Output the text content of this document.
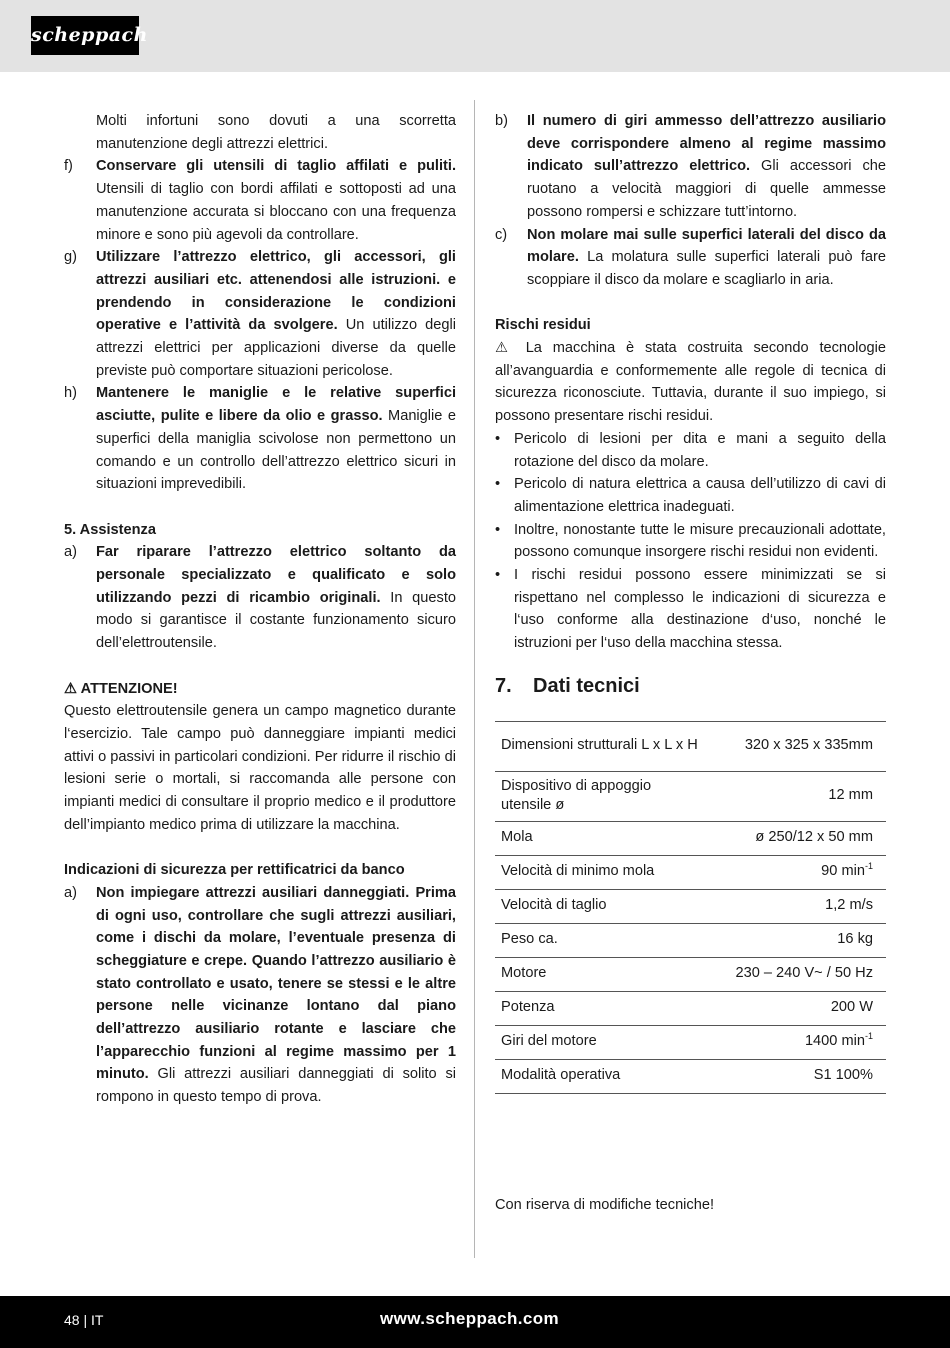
scheppach
Molti infortuni sono dovuti a una scorretta manutenzione degli attrezzi elettrici.
f)	Conservare gli utensili di taglio affilati e puliti. Utensili di taglio con bordi affilati e sottoposti ad una manutenzione accurata si bloccano con una frequenza minore e sono più agevoli da controllare.
g)	Utilizzare l’attrezzo elettrico, gli accessori, gli attrezzi ausiliari etc. attenendosi alle istruzioni. e prendendo in considerazione le condizioni operative e l’attività da svolgere. Un utilizzo degli attrezzi elettrici per applicazioni diverse da quelle previste può comportare situazioni pericolose.
h)	Mantenere le maniglie e le relative superfici asciutte, pulite e libere da olio e grasso. Maniglie e superfici della maniglia scivolose non permettono un comando e un controllo dell’attrezzo elettrico sicuri in situazioni imprevedibili.
5. Assistenza
a)	Far riparare l’attrezzo elettrico soltanto da personale specializzato e qualificato e solo utilizzando pezzi di ricambio originali. In questo modo si garantisce il costante funzionamento sicuro dell’elettroutensile.
⚠ ATTENZIONE!
Questo elettroutensile genera un campo magnetico durante l‘esercizio. Tale campo può danneggiare impianti medici attivi o passivi in particolari condizioni. Per ridurre il rischio di lesioni serie o mortali, si raccomanda alle persone con impianti medici di consultare il proprio medico e il produttore dell’impianto medico prima di utilizzare la macchina.
Indicazioni di sicurezza per rettificatrici da banco
a)	Non impiegare attrezzi ausiliari danneggiati. Prima di ogni uso, controllare che sugli attrezzi ausiliari, come i dischi da molare, l’eventuale presenza di scheggiature e crepe. Quando l’attrezzo ausiliario è stato controllato e usato, tenere se stessi e le altre persone nelle vicinanze lontano dal piano dell’attrezzo ausiliario rotante e lasciare che l’apparecchio funzioni al regime massimo per 1 minuto. Gli attrezzi ausiliari danneggiati di solito si rompono in questo tempo di prova.
b)	Il numero di giri ammesso dell’attrezzo ausiliario deve corrispondere almeno al regime massimo indicato sull’attrezzo elettrico. Gli accessori che ruotano a velocità maggiori di quelle ammesse possono rompersi e schizzare tutt’intorno.
c)	Non molare mai sulle superfici laterali del disco da molare. La molatura sulle superfici laterali può fare scoppiare il disco da molare e scagliarlo in aria.
Rischi residui
⚠ La macchina è stata costruita secondo tecnologie all’avanguardia e conformemente alle regole di tecnica di sicurezza riconosciute. Tuttavia, durante il suo impiego, si possono presentare rischi residui.
• Pericolo di lesioni per dita e mani a seguito della rotazione del disco da molare.
• Pericolo di natura elettrica a causa dell’utilizzo di cavi di alimentazione elettrica inadeguati.
• Inoltre, nonostante tutte le misure precauzionali adottate, possono comunque insorgere rischi residui non evidenti.
• I rischi residui possono essere minimizzati se si rispettano nel complesso le indicazioni di sicurezza e l‘uso conforme alla destinazione d‘uso, nonché le istruzioni per l‘uso della macchina stessa.
7.	Dati tecnici
Dimensioni strutturali L x L x H	320 x 325 x 335mm
Dispositivo di appoggio utensile ø	12 mm
Mola	ø 250/12 x 50 mm
Velocità di minimo mola	90 $\min^{-1}$
Velocità di taglio	1,2 m/s
Peso ca.	16 kg
Motore	230 – 240 V~ / 50 Hz
Potenza	200 W
Giri del motore	1400 $\min^{-1}$
Modalità operativa	S1 100%
Con riserva di modifiche tecniche!
48 | IT	www.scheppach.com
